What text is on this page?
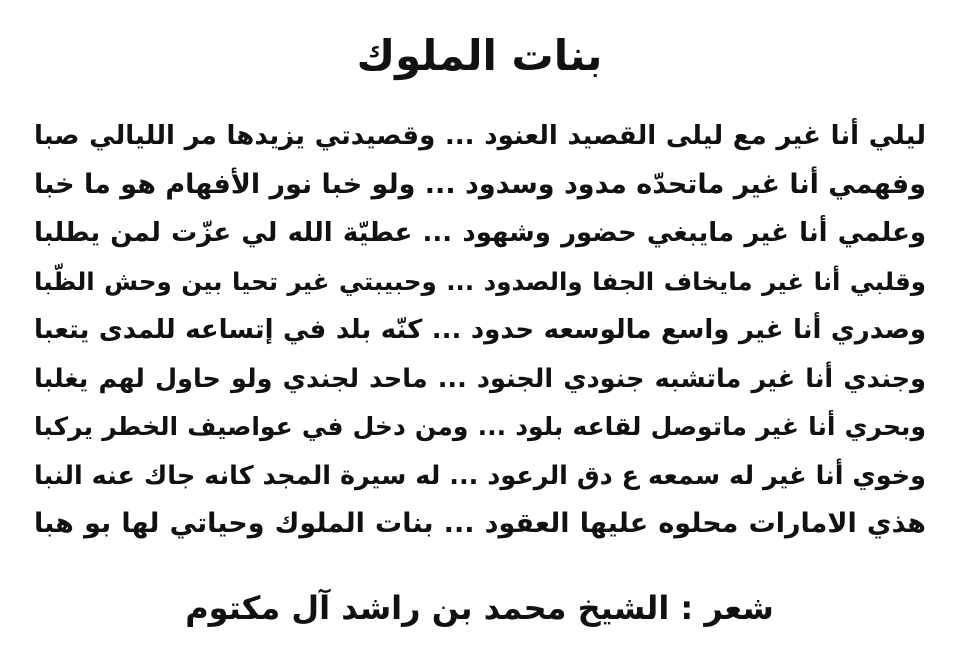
بنات الملوك
ليلي أنا غير مع ليلى القصيد العنود ... وقصيدتي يزيدها مر الليالي صبا
وفهمي أنا غير ماتحدّه مدود وسدود ... ولو خبا نور الأفهام هو ما خبا
وعلمي أنا غير مايبغي حضور وشهود ... عطيّة الله لي عزّت لمن يطلبا
وقلبي أنا غير مايخاف الجفا والصدود ... وحبيبتي غير تحيا بين وحش الظّبا
وصدري أنا غير واسع مالوسعه حدود ... كنّه بلد في إتساعه للمدى يتعبا
وجندي أنا غير ماتشبه جنودي الجنود ... ماحد لجندي ولو حاول لهم يغلبا
وبحري أنا غير ماتوصل لقاعه بلود ... ومن دخل في عواصيف الخطر يركبا
وخوي أنا غير له سمعه ع دق الرعود ... له سيرة المجد كانه جاك عنه النبا
هذي الامارات محلوه عليها العقود ... بنات الملوك وحياتي لها بو هبا

شعر : الشيخ محمد بن راشد آل مكتوم
